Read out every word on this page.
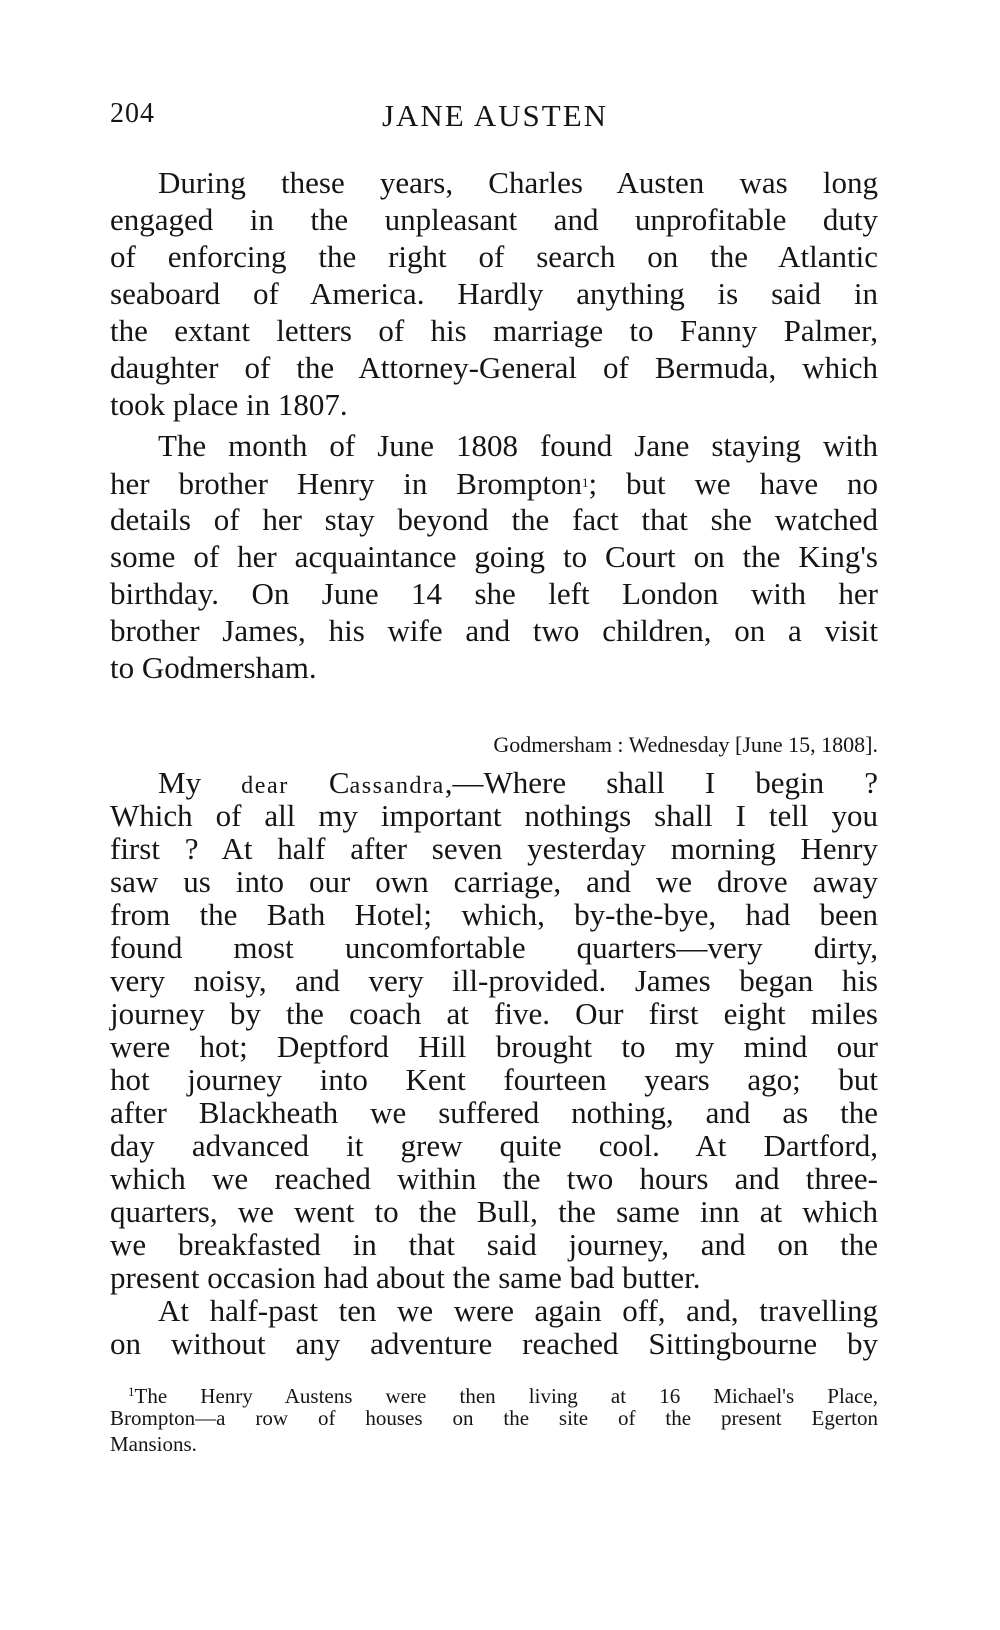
204	JANE AUSTEN
During these years, Charles Austen was long
engaged in the unpleasant and unprofitable duty
of enforcing the right of search on the Atlantic
seaboard of America. Hardly anything is said in
the extant letters of his marriage to Fanny Palmer,
daughter of the Attorney-General of Bermuda, which
took place in 1807.
The month of June 1808 found Jane staying with
her brother Henry in Brompton$^1$; but we have no
details of her stay beyond the fact that she watched
some of her acquaintance going to Court on the King's
birthday. On June 14 she left London with her
brother James, his wife and two children, on a visit
to Godmersham.
Godmersham : Wednesday [June 15, 1808].
My dear Cassandra,—Where shall I begin ?
Which of all my important nothings shall I tell you
first ? At half after seven yesterday morning Henry
saw us into our own carriage, and we drove away
from the Bath Hotel; which, by-the-bye, had been
found most uncomfortable quarters—very dirty,
very noisy, and very ill-provided. James began his
journey by the coach at five. Our first eight miles
were hot; Deptford Hill brought to my mind our
hot journey into Kent fourteen years ago; but
after Blackheath we suffered nothing, and as the
day advanced it grew quite cool. At Dartford,
which we reached within the two hours and three-
quarters, we went to the Bull, the same inn at which
we breakfasted in that said journey, and on the
present occasion had about the same bad butter.
At half-past ten we were again off, and, travelling
on without any adventure reached Sittingbourne by
$^1$The Henry Austens were then living at 16 Michael's Place,
Brompton—a row of houses on the site of the present Egerton
Mansions.
